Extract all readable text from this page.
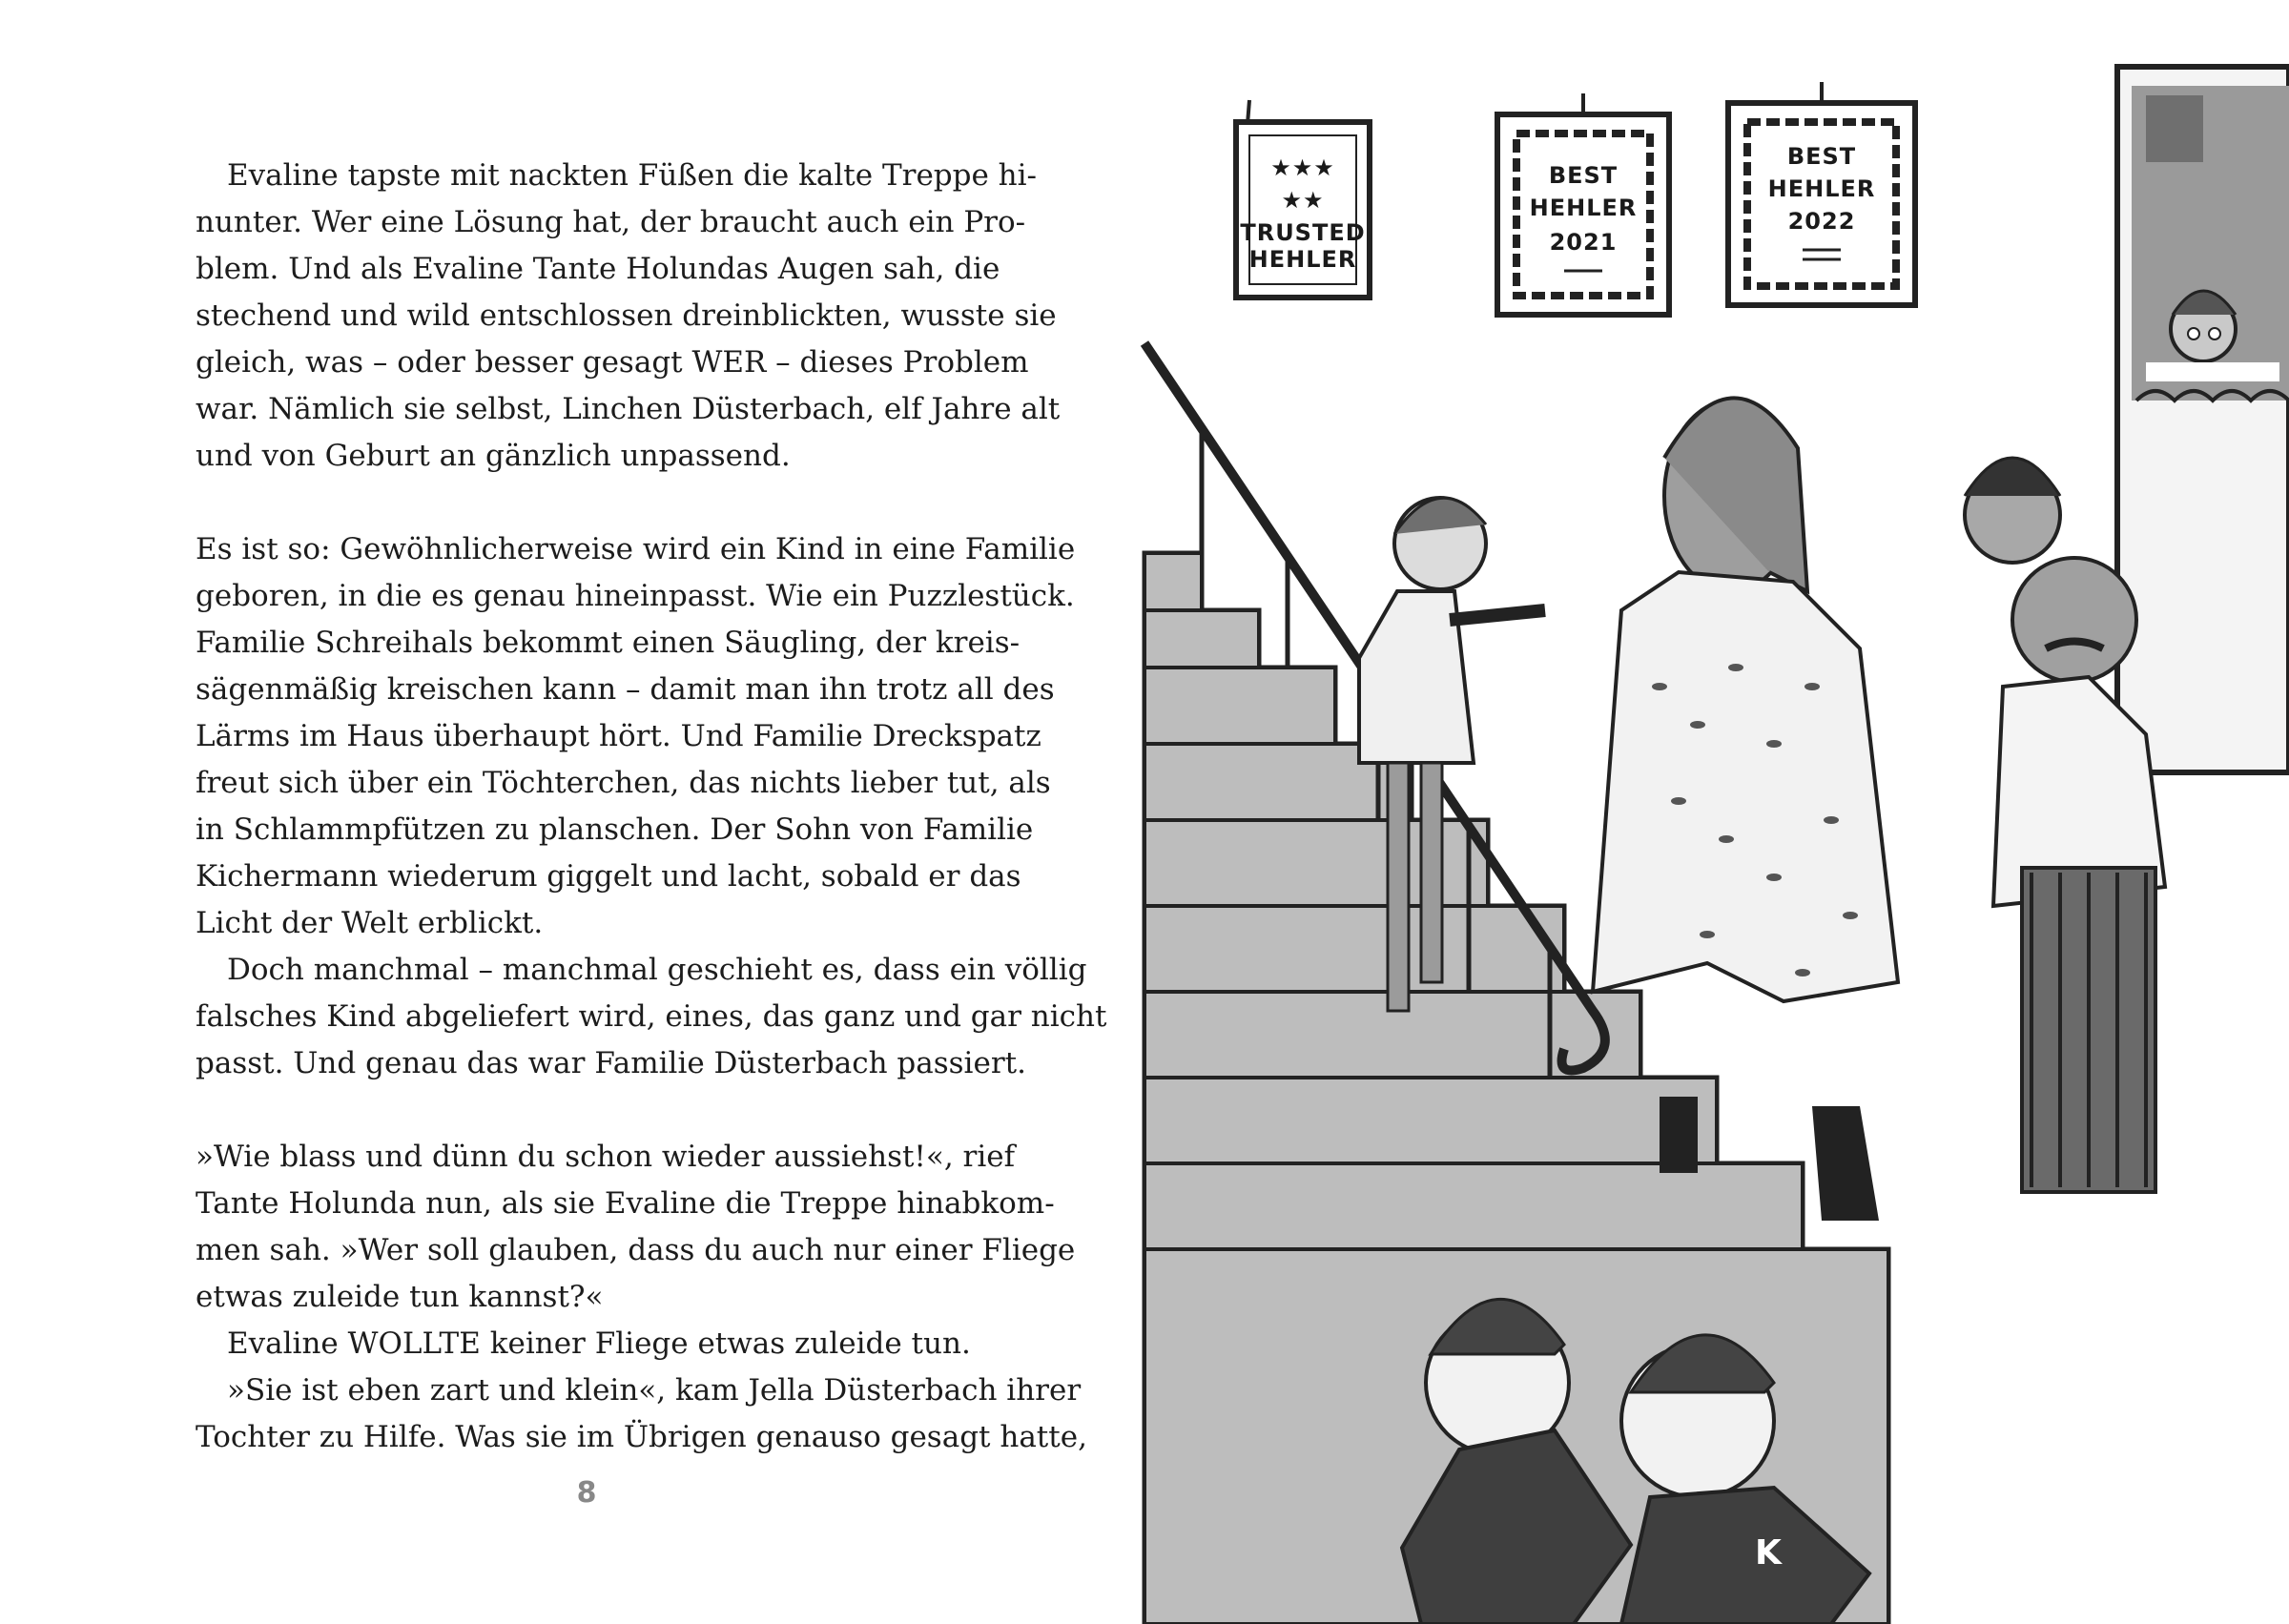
Evaline tapste mit nackten Füßen die kalte Treppe hi-
nunter. Wer eine Lösung hat, der braucht auch ein Pro-
blem. Und als Evaline Tante Holundas Augen sah, die
stechend und wild entschlossen dreinblickten, wusste sie
gleich, was – oder besser gesagt WER – dieses Problem
war. Nämlich sie selbst, Linchen Düsterbach, elf Jahre alt
und von Geburt an gänzlich unpassend.
Es ist so: Gewöhnlicherweise wird ein Kind in eine Familie
geboren, in die es genau hineinpasst. Wie ein Puzzlestück.
Familie Schreihals bekommt einen Säugling, der kreis-
sägenmäßig kreischen kann – damit man ihn trotz all des
Lärms im Haus überhaupt hört. Und Familie Dreckspatz
freut sich über ein Töchterchen, das nichts lieber tut, als
in Schlammpfützen zu planschen. Der Sohn von Familie
Kichermann wiederum giggelt und lacht, sobald er das
Licht der Welt erblickt.
Doch manchmal – manchmal geschieht es, dass ein völlig
falsches Kind abgeliefert wird, eines, das ganz und gar nicht
passt. Und genau das war Familie Düsterbach passiert.
»Wie blass und dünn du schon wieder aussiehst!«, rief
Tante Holunda nun, als sie Evaline die Treppe hinabkom-
men sah. »Wer soll glauben, dass du auch nur einer Fliege
etwas zuleide tun kannst?«
Evaline WOLLTE keiner Fliege etwas zuleide tun.
»Sie ist eben zart und klein«, kam Jella Düsterbach ihrer
Tochter zu Hilfe. Was sie im Übrigen genauso gesagt hatte,
8
★★★
★★
TRUSTED
HEHLER
BEST
HEHLER
2021
BEST
HEHLER
2022
K
